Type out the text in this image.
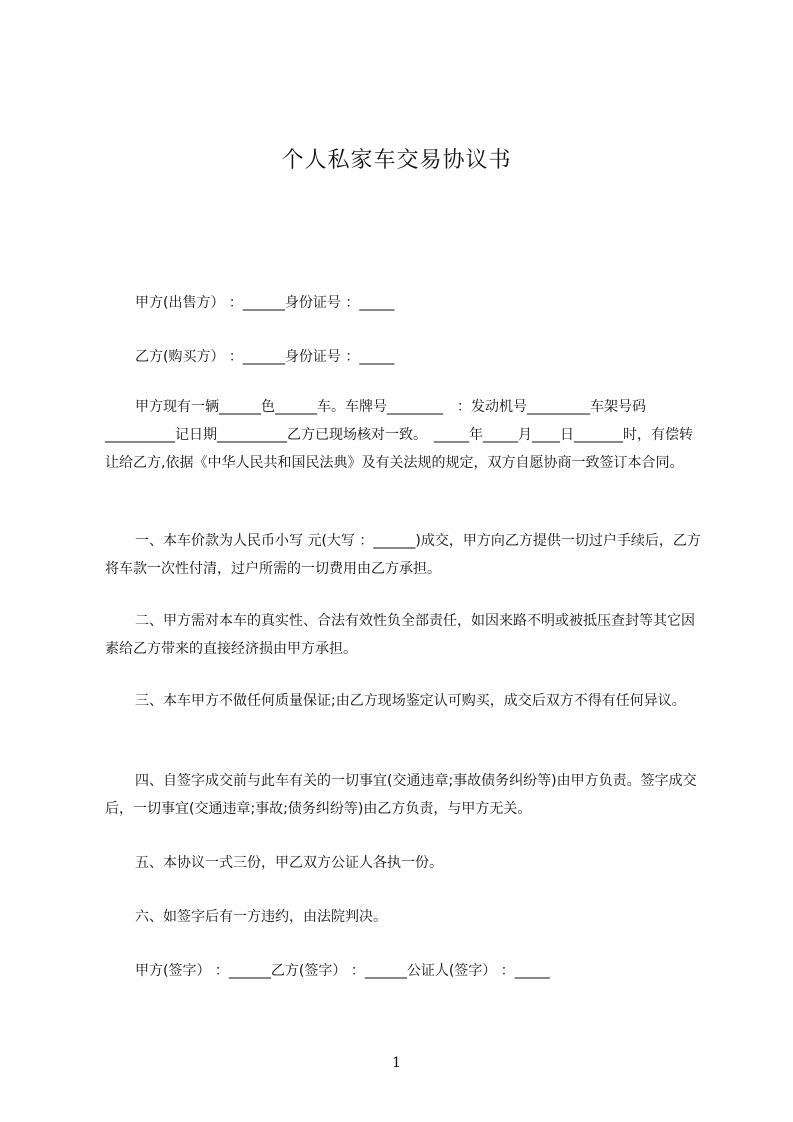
个人私家车交易协议书
甲方(出售方） ：______身份证号 ：_____
乙方(购买方） ：______身份证号 ：_____

甲方现有一辆______色______车。车牌号________　：发动机号_________车架号码__________记日期__________乙方已现场核对一致。　_____年_____月____日_______时，有偿转让给乙方,依据《中华人民共和国民法典》及有关法规的规定，双方自愿协商一致签订本合同。

一、本车价款为人民币小写 元(大写 ：______)成交，甲方向乙方提供一切过户手续后，乙方将车款一次性付清，过户所需的一切费用由乙方承担。

二、甲方需对本车的真实性、合法有效性负全部责任，如因来路不明或被抵压查封等其它因素给乙方带来的直接经济损由甲方承担。

三、本车甲方不做任何质量保证;由乙方现场鉴定认可购买，成交后双方不得有任何异议。

四、自签字成交前与此车有关的一切事宜(交通违章;事故债务纠纷等)由甲方负责。签字成交后，一切事宜(交通违章;事故;债务纠纷等)由乙方负责，与甲方无关。

五、本协议一式三份，甲乙双方公证人各执一份。
六、如签字后有一方违约，由法院判决。
甲方(签字） ：______乙方(签字） ：______公证人(签字） ：_____
1
